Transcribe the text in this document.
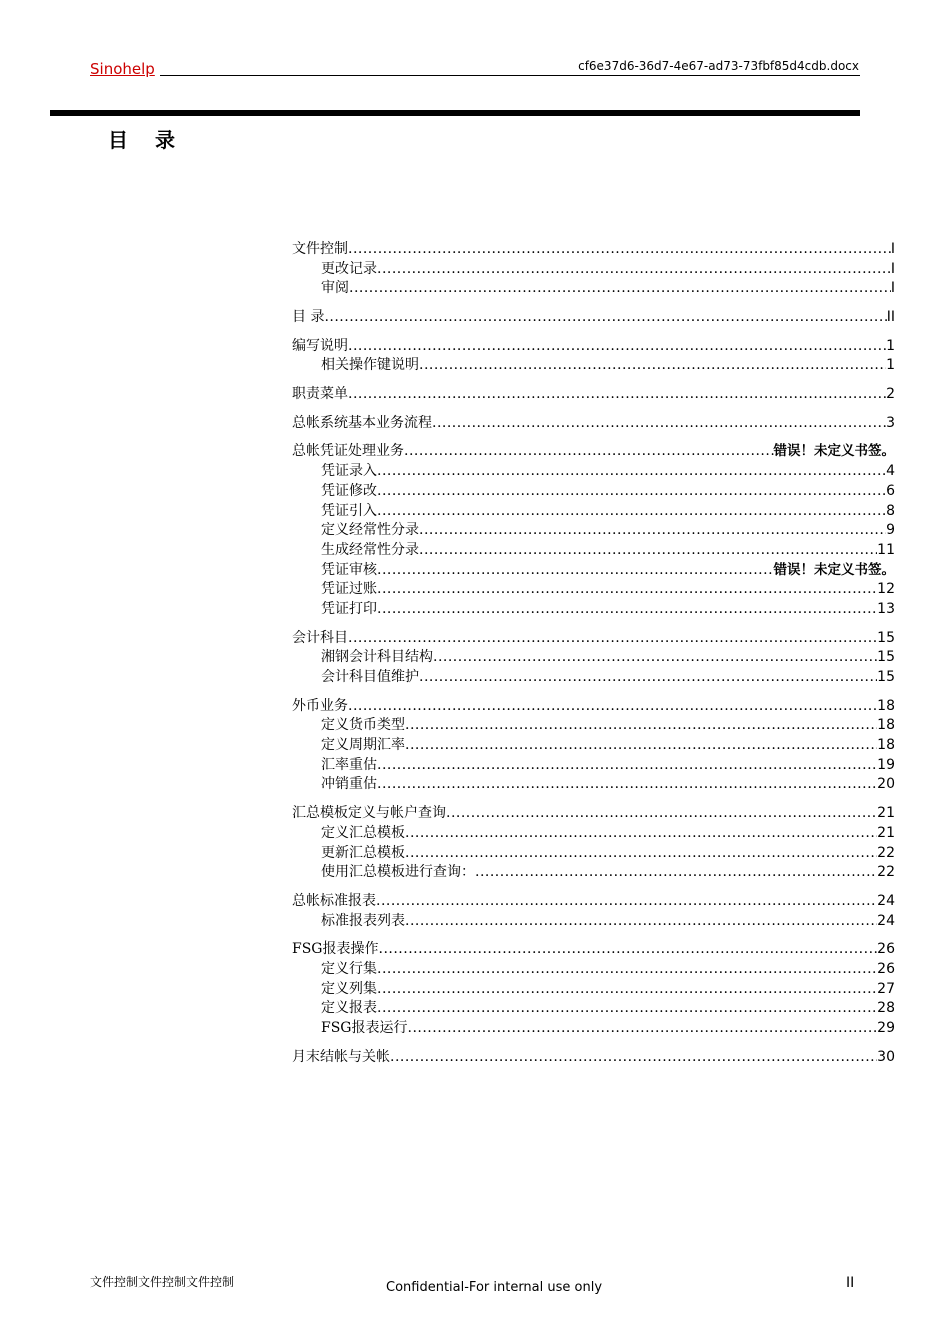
Sinohelp	cf6e37d6-36d7-4e67-ad73-73fbf85d4cdb.docx
目 录
文件控制 .....	I
更改记录 .....	I
审阅 .....	I
目 录 .....	II
编写说明 .....	1
相关操作键说明 .....	1
职责菜单 .....	2
总帐系统基本业务流程 .....	3
总帐凭证处理业务 .....	错误！未定义书签。
凭证录入 .....	4
凭证修改 .....	6
凭证引入 .....	8
定义经常性分录 .....	9
生成经常性分录 .....	11
凭证审核 .....	错误！未定义书签。
凭证过账 .....	12
凭证打印 .....	13
会计科目 .....	15
湘钢会计科目结构 .....	15
会计科目值维护 .....	15
外币业务 .....	18
定义货币类型 .....	18
定义周期汇率 .....	18
汇率重估 .....	19
冲销重估 .....	20
汇总模板定义与帐户查询 .....	21
定义汇总模板 .....	21
更新汇总模板 .....	22
使用汇总模板进行查询： .....	22
总帐标准报表 .....	24
标准报表列表 .....	24
FSG报表操作 .....	26
定义行集 .....	26
定义列集 .....	27
定义报表 .....	28
FSG报表运行 .....	29
月末结帐与关帐 .....	30
文件控制文件控制文件控制	Confidential-For internal use only	II
